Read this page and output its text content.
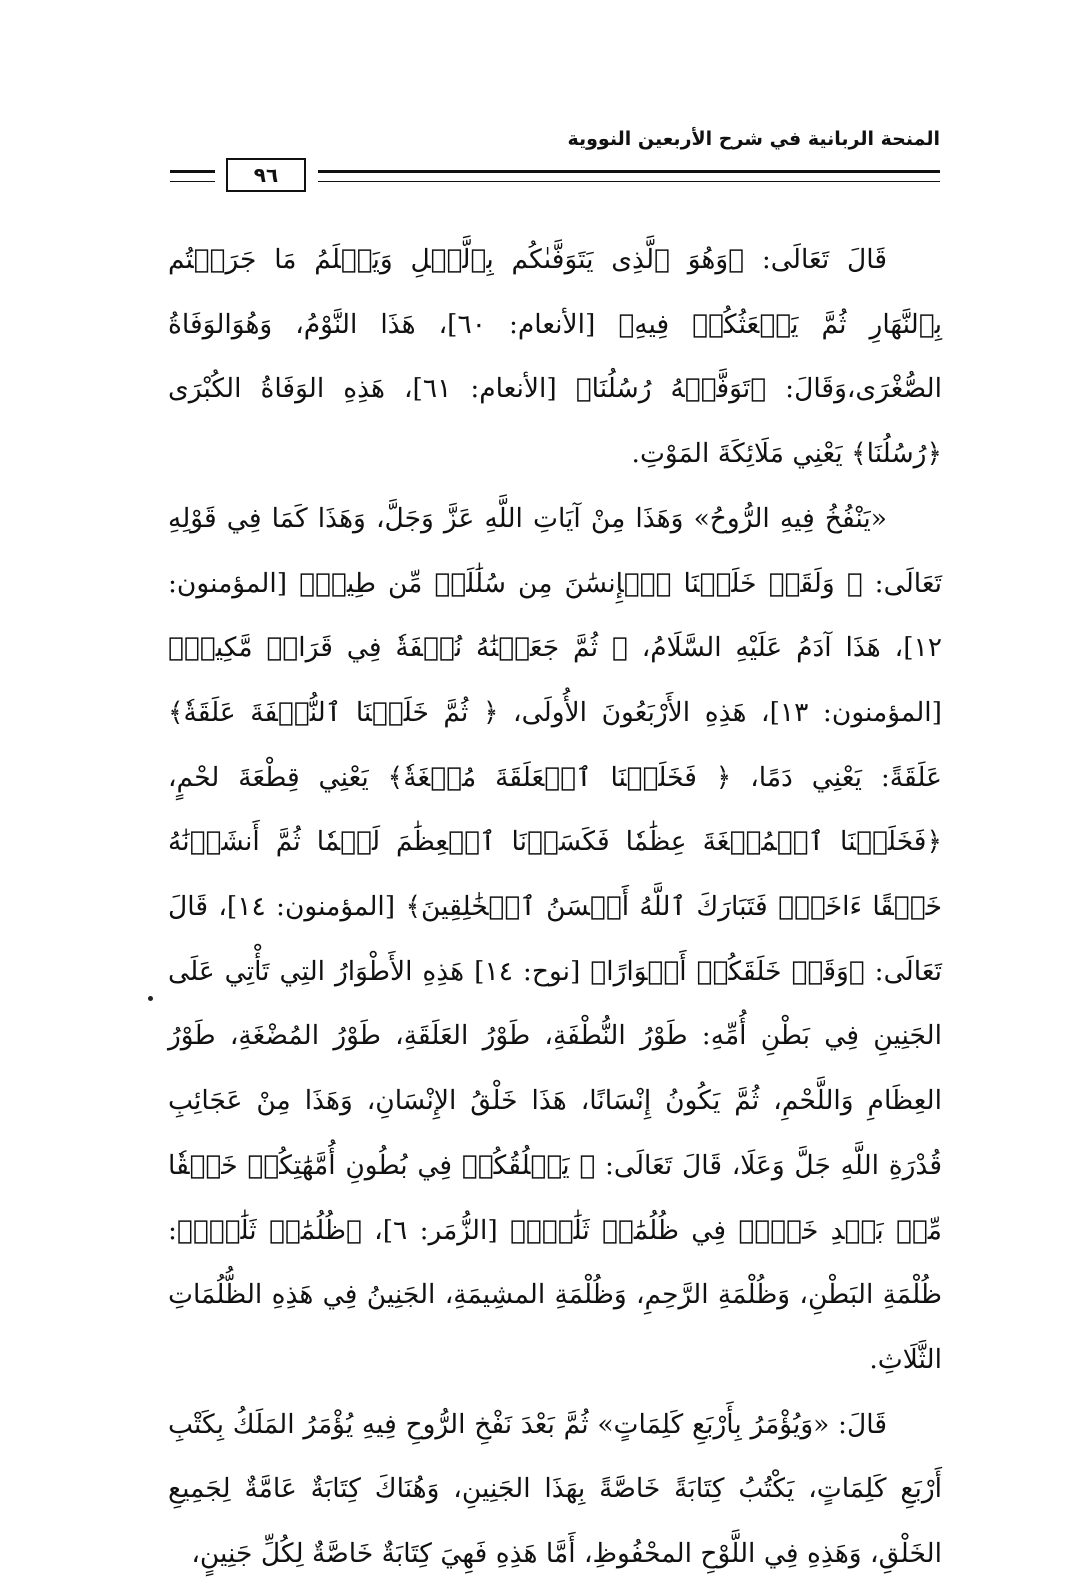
المنحة الربانية في شرح الأربعين النووية
٩٦

قَالَ تَعَالَى: ﴿وَهُوَ ٱلَّذِى يَتَوَفَّىٰكُم بِٱلَّيۡلِ وَيَعۡلَمُ مَا جَرَحۡتُم بِٱلنَّهَارِ ثُمَّ يَبۡعَثُكُمۡ فِيهِ﴾ [الأنعام: ٦٠]، هَذَا النَّوْمُ، وَهُوَالوَفَاةُ الصُّغْرَى،وَقَالَ: ﴿تَوَفَّتۡهُ رُسُلُنَا﴾ [الأنعام: ٦١]، هَذِهِ الوَفَاةُ الكُبْرَى ﴿رُسُلُنَا﴾ يَعْنِي مَلَائِكَةَ المَوْتِ.

«يَنْفُخُ فِيهِ الرُّوحُ» وَهَذَا مِنْ آيَاتِ اللَّهِ عَزَّ وَجَلَّ، وَهَذَا كَمَا فِي قَوْلِهِ تَعَالَى: ﴿ وَلَقَدۡ خَلَقۡنَا ٱلۡإِنسَٰنَ مِن سُلَٰلَةٖ مِّن طِينٖ﴾ [المؤمنون: ١٢]، هَذَا آدَمُ عَلَيْهِ السَّلَامُ، ﴿ ثُمَّ جَعَلۡنَٰهُ نُطۡفَةٗ فِي قَرَارٖ مَّكِينٖ﴾ [المؤمنون: ١٣]، هَذِهِ الأَرْبَعُونَ الأُولَى، ﴿ ثُمَّ خَلَقۡنَا ٱلنُّطۡفَةَ عَلَقَةٗ﴾ عَلَقَةً: يَعْنِي دَمًا، ﴿ فَخَلَقۡنَا ٱلۡعَلَقَةَ مُضۡغَةٗ﴾ يَعْنِي قِطْعَةَ لحْمٍ، ﴿فَخَلَقۡنَا ٱلۡمُضۡغَةَ عِظَٰمٗا فَكَسَوۡنَا ٱلۡعِظَٰمَ لَحۡمٗا ثُمَّ أَنشَأۡنَٰهُ خَلۡقًا ءَاخَرَۚ فَتَبَارَكَ ٱللَّهُ أَحۡسَنُ ٱلۡخَٰلِقِينَ﴾ [المؤمنون: ١٤]، قَالَ تَعَالَى: ﴿وَقَدۡ خَلَقَكُمۡ أَطۡوَارًا﴾ [نوح: ١٤] هَذِهِ الأَطْوَارُ التِي تَأْتِي عَلَى الجَنِينِ فِي بَطْنِ أُمِّهِ: طَوْرُ النُّطْفَةِ، طَوْرُ العَلَقَةِ، طَوْرُ المُضْغَةِ، طَوْرُ العِظَامِ وَاللَّحْمِ، ثُمَّ يَكُونُ إِنْسَانًا، هَذَا خَلْقُ الإِنْسَانِ، وَهَذَا مِنْ عَجَائِبِ قُدْرَةِ اللَّهِ جَلَّ وَعَلَا، قَالَ تَعَالَى: ﴿ يَخۡلُقُكُمۡ فِي بُطُونِ أُمَّهَٰتِكُمۡ خَلۡقٗا مِّنۢ بَعۡدِ خَلۡقٖ فِي ظُلُمَٰتٖ ثَلَٰثٖۚ﴾ [الزُّمَر: ٦]، ﴿ظُلُمَٰتٖ ثَلَٰثٖۚ﴾: ظُلْمَةِ البَطْنِ، وَظُلْمَةِ الرَّحِمِ، وَظُلْمَةِ المشِيمَةِ، الجَنِينُ فِي هَذِهِ الظُّلُمَاتِ الثَّلَاثِ.

قَالَ: «وَيُؤْمَرُ بِأَرْبَعِ كَلِمَاتٍ» ثُمَّ بَعْدَ نَفْخِ الرُّوحِ فِيهِ يُؤْمَرُ المَلَكُ بِكَتْبِ أَرْبَعِ كَلِمَاتٍ، يَكْتُبُ كِتَابَةً خَاصَّةً بِهَذَا الجَنِينِ، وَهُنَاكَ كِتَابَةٌ عَامَّةٌ لِجَمِيعِ الخَلْقِ، وَهَذِهِ فِي اللَّوْحِ المحْفُوظِ، أَمَّا هَذِهِ فَهِيَ كِتَابَةٌ خَاصَّةٌ لِكُلِّ جَنِينٍ،
